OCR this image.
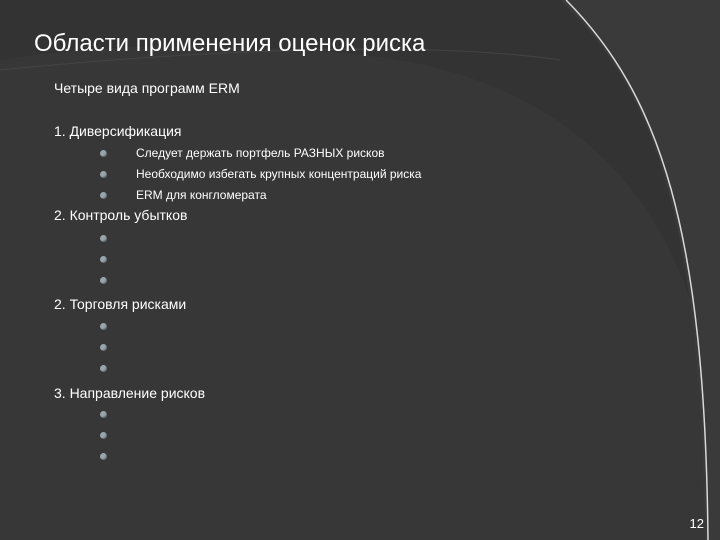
Области применения оценок риска
Четыре вида программ ERM
1. Диверсификация
Следует держать портфель РАЗНЫХ рисков
Необходимо избегать крупных концентраций риска
ERM для конгломерата
2. Контроль убытков
2. Торговля рисками
3. Направление рисков
12
